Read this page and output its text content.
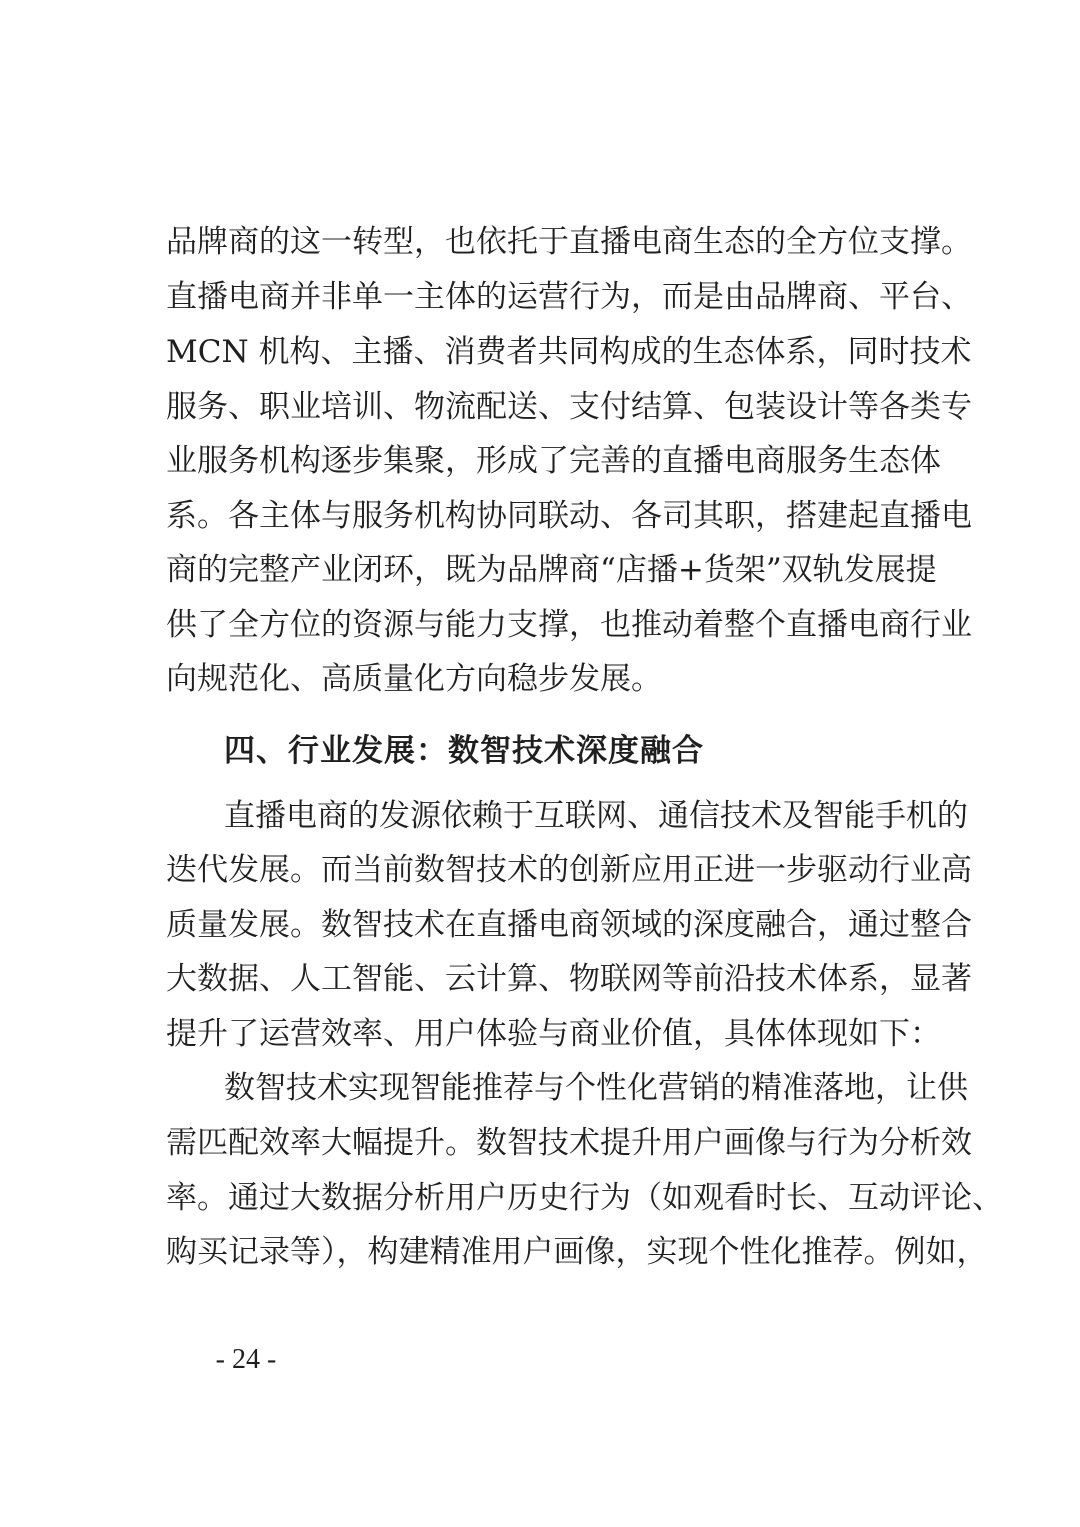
品牌商的这一转型，也依托于直播电商生态的全方位支撑。
直播电商并非单一主体的运营行为，而是由品牌商、平台、
MCN 机构、主播、消费者共同构成的生态体系，同时技术
服务、职业培训、物流配送、支付结算、包装设计等各类专
业服务机构逐步集聚，形成了完善的直播电商服务生态体
系。各主体与服务机构协同联动、各司其职，搭建起直播电
商的完整产业闭环，既为品牌商“店播+货架”双轨发展提
供了全方位的资源与能力支撑，也推动着整个直播电商行业
向规范化、高质量化方向稳步发展。
四、行业发展：数智技术深度融合
直播电商的发源依赖于互联网、通信技术及智能手机的
迭代发展。而当前数智技术的创新应用正进一步驱动行业高
质量发展。数智技术在直播电商领域的深度融合，通过整合
大数据、人工智能、云计算、物联网等前沿技术体系，显著
提升了运营效率、用户体验与商业价值，具体体现如下：
数智技术实现智能推荐与个性化营销的精准落地，让供
需匹配效率大幅提升。数智技术提升用户画像与行为分析效
率。通过大数据分析用户历史行为（如观看时长、互动评论、
购买记录等），构建精准用户画像，实现个性化推荐。例如，
- 24 -
